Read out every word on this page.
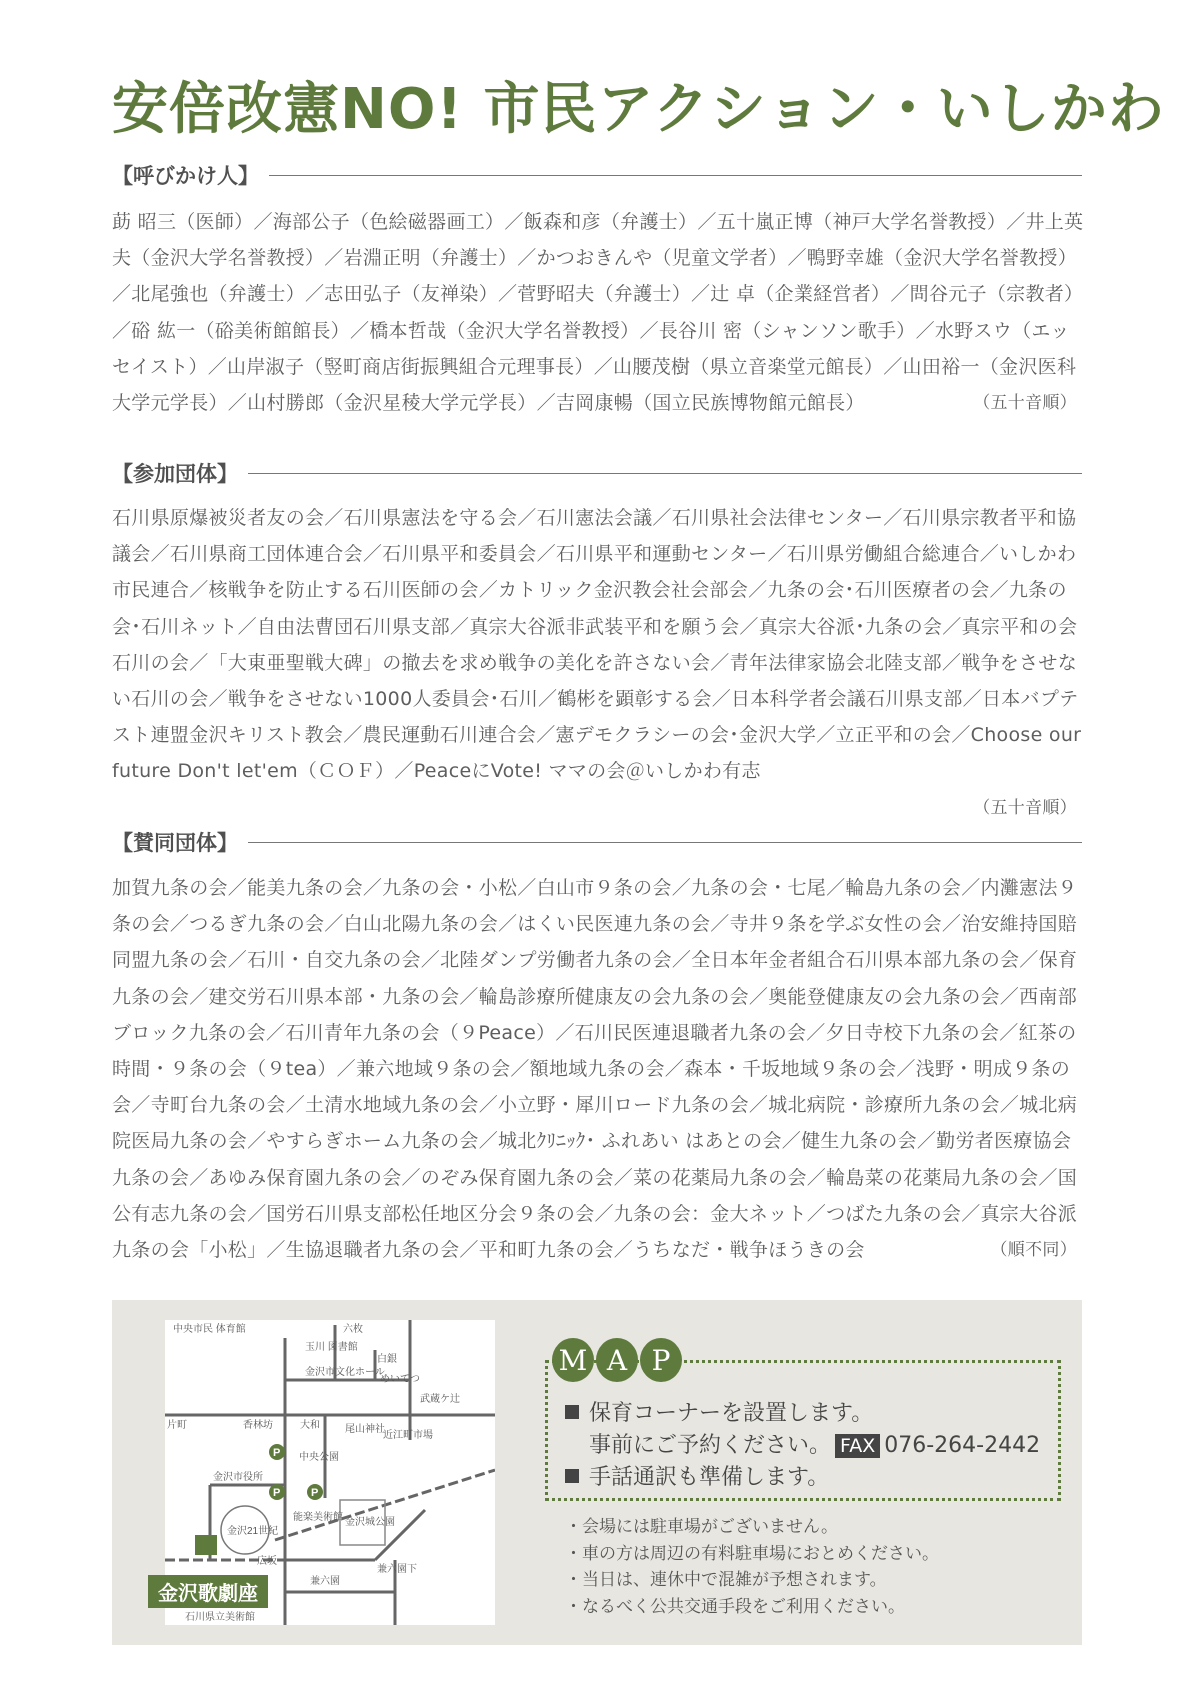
安倍改憲NO! 市民アクション・いしかわ
【呼びかけ人】
莇 昭三（医師）／海部公子（色絵磁器画工）／飯森和彦（弁護士）／五十嵐正博（神戸大学名誉教授）／井上英夫（金沢大学名誉教授）／岩淵正明（弁護士）／かつおきんや（児童文学者）／鴨野幸雄（金沢大学名誉教授）／北尾強也（弁護士）／志田弘子（友禅染）／菅野昭夫（弁護士）／辻 卓（企業経営者）／問谷元子（宗教者）／硲 紘一（硲美術館館長）／橋本哲哉（金沢大学名誉教授）／長谷川 密（シャンソン歌手）／水野スウ（エッセイスト）／山岸淑子（竪町商店街振興組合元理事長）／山腰茂樹（県立音楽堂元館長）／山田裕一（金沢医科大学元学長）／山村勝郎（金沢星稜大学元学長）／吉岡康暢（国立民族博物館元館長）	（五十音順）
【参加団体】
石川県原爆被災者友の会／石川県憲法を守る会／石川憲法会議／石川県社会法律センター／石川県宗教者平和協議会／石川県商工団体連合会／石川県平和委員会／石川県平和運動センター／石川県労働組合総連合／いしかわ市民連合／核戦争を防止する石川医師の会／カトリック金沢教会社会部会／九条の会･石川医療者の会／九条の会･石川ネット／自由法曹団石川県支部／真宗大谷派非武装平和を願う会／真宗大谷派･九条の会／真宗平和の会石川の会／「大東亜聖戦大碑」の撤去を求め戦争の美化を許さない会／青年法律家協会北陸支部／戦争をさせない石川の会／戦争をさせない1000人委員会･石川／鶴彬を顕彰する会／日本科学者会議石川県支部／日本バプテスト連盟金沢キリスト教会／農民運動石川連合会／憲デモクラシーの会･金沢大学／立正平和の会／Choose our future Don't let'em（ＣＯＦ）／PeaceにVote! ママの会＠いしかわ有志
（五十音順）
【賛同団体】
加賀九条の会／能美九条の会／九条の会・小松／白山市９条の会／九条の会・七尾／輪島九条の会／内灘憲法９条の会／つるぎ九条の会／白山北陽九条の会／はくい民医連九条の会／寺井９条を学ぶ女性の会／治安維持国賠同盟九条の会／石川・自交九条の会／北陸ダンプ労働者九条の会／全日本年金者組合石川県本部九条の会／保育九条の会／建交労石川県本部・九条の会／輪島診療所健康友の会九条の会／奥能登健康友の会九条の会／西南部ブロック九条の会／石川青年九条の会（９Peace）／石川民医連退職者九条の会／夕日寺校下九条の会／紅茶の時間・９条の会（９tea）／兼六地域９条の会／額地域九条の会／森本・千坂地域９条の会／浅野・明成９条の会／寺町台九条の会／土清水地域九条の会／小立野・犀川ロード九条の会／城北病院・診療所九条の会／城北病院医局九条の会／やすらぎホーム九条の会／城北ｸﾘﾆｯｸ･ ふれあい はあとの会／健生九条の会／勤労者医療協会九条の会／あゆみ保育園九条の会／のぞみ保育園九条の会／菜の花薬局九条の会／輪島菜の花薬局九条の会／国公有志九条の会／国労石川県支部松任地区分会９条の会／九条の会：金大ネット／つばた九条の会／真宗大谷派九条の会「小松」／生協退職者九条の会／平和町九条の会／うちなだ・戦争ほうきの会	（順不同）
中央市民 体育館	六枚
玉川 図書館
白銀
金沢市文化ホール
めいてつ
武蔵ケ辻
片町	香林坊	大和	尾山神社
近江町市場
中央公園
金沢市役所
金沢21世紀
能楽美術館 金沢城公園
広坂
兼六園
兼六園下
石川県立美術館
P
P	P
金沢歌劇座
M A P
保育コーナーを設置します。
事前にご予約ください。 FAX 076-264-2442
手話通訳も準備します。
・会場には駐車場がございません。
・車の方は周辺の有料駐車場におとめください。
・当日は、連休中で混雑が予想されます。
・なるべく公共交通手段をご利用ください。
